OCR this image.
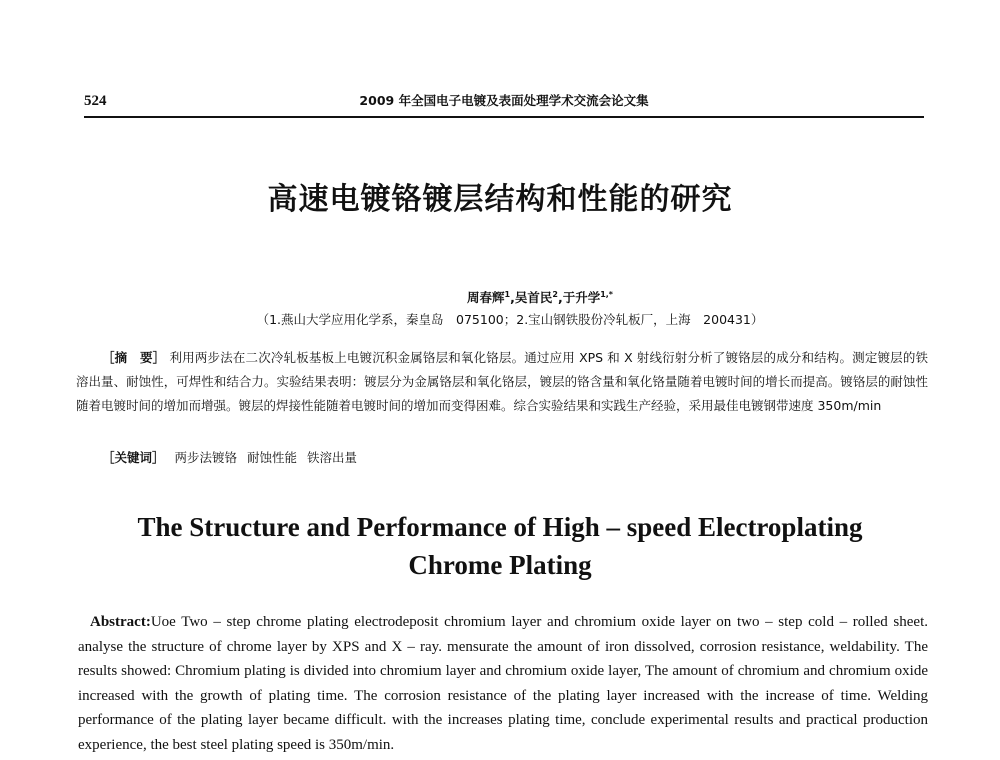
524	2009 年全国电子电镀及表面处理学术交流会论文集
高速电镀铬镀层结构和性能的研究
周春辉$^1$,吴首民$^2$,于升学$^{1,*}$
（1.燕山大学应用化学系，秦皇岛　075100；2.宝山钢铁股份冷轧板厂，上海　200431）
［摘　要］ 利用两步法在二次冷轧板基板上电镀沉积金属铬层和氧化铬层。通过应用 XPS 和 X 射线衍射分析了镀铬层的成分和结构。测定镀层的铁溶出量、耐蚀性，可焊性和结合力。实验结果表明：镀层分为金属铬层和氧化铬层，镀层的铬含量和氧化铬量随着电镀时间的增长而提高。镀铬层的耐蚀性随着电镀时间的增加而增强。镀层的焊接性能随着电镀时间的增加而变得困难。综合实验结果和实践生产经验，采用最佳电镀钢带速度 350m/min
［关键词］ 两步法镀铬 耐蚀性能 铁溶出量
The Structure and Performance of High – speed Electroplating
Chrome Plating
Abstract:Uoe Two – step chrome plating electrodeposit chromium layer and chromium oxide layer on two – step cold – rolled sheet. analyse the structure of chrome layer by XPS and X – ray. mensurate the amount of iron dissolved, corrosion resistance, weldability. The results showed: Chromium plating is divided into chromium layer and chromium oxide layer, The amount of chromium and chromium oxide increased with the growth of plating time. The corrosion resistance of the plating layer increased with the increase of time. Welding performance of the plating layer became difficult. with the increases plating time, conclude experimental results and practical production experience, the best steel plating speed is 350m/min.
